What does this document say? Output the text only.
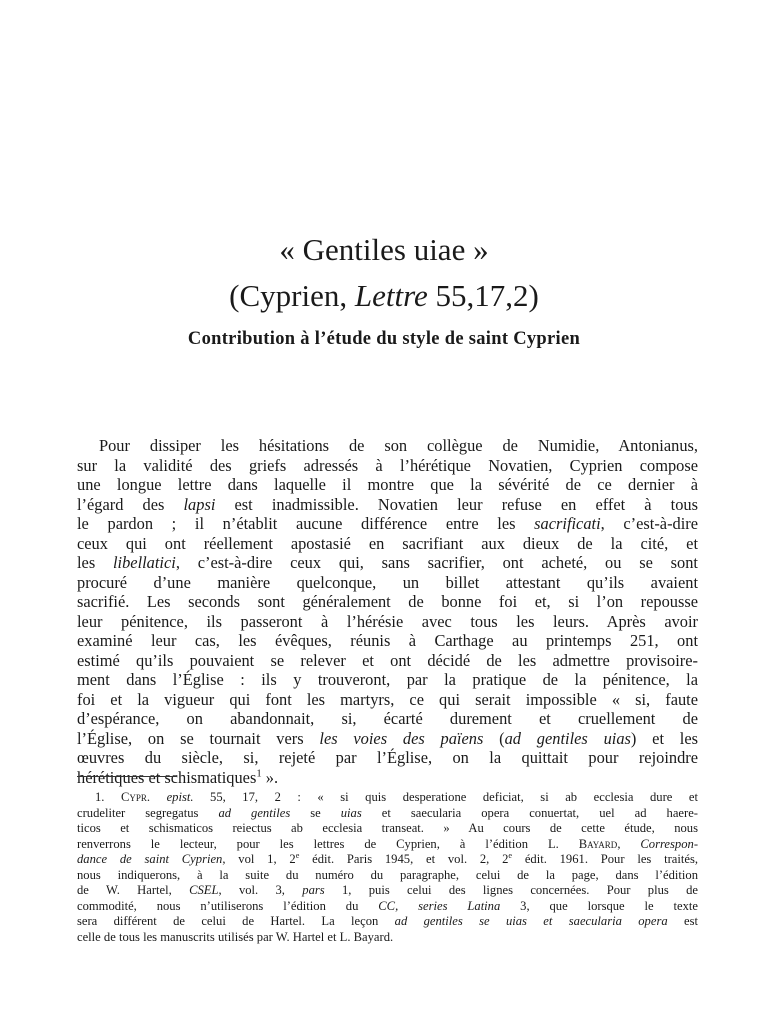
« Gentiles uiae »
(Cyprien, Lettre 55,17,2)
Contribution à l’étude du style de saint Cyprien
Pour dissiper les hésitations de son collègue de Numidie, Antonianus,
sur la validité des griefs adressés à l’hérétique Novatien, Cyprien compose
une longue lettre dans laquelle il montre que la sévérité de ce dernier à
l’égard des lapsi est inadmissible. Novatien leur refuse en effet à tous
le pardon ; il n’établit aucune différence entre les sacrificati, c’est-à-dire
ceux qui ont réellement apostasié en sacrifiant aux dieux de la cité, et
les libellatici, c’est-à-dire ceux qui, sans sacrifier, ont acheté, ou se sont
procuré d’une manière quelconque, un billet attestant qu’ils avaient
sacrifié. Les seconds sont généralement de bonne foi et, si l’on repousse
leur pénitence, ils passeront à l’hérésie avec tous les leurs. Après avoir
examiné leur cas, les évêques, réunis à Carthage au printemps 251, ont
estimé qu’ils pouvaient se relever et ont décidé de les admettre provisoire-
ment dans l’Église : ils y trouveront, par la pratique de la pénitence, la
foi et la vigueur qui font les martyrs, ce qui serait impossible « si, faute
d’espérance, on abandonnait, si, écarté durement et cruellement de
l’Église, on se tournait vers les voies des païens (ad gentiles uias) et les
œuvres du siècle, si, rejeté par l’Église, on la quittait pour rejoindre
hérétiques et schismatiques$^1$ ».
1. Cypr. epist. 55, 17, 2 : « si quis desperatione deficiat, si ab ecclesia dure et
crudeliter segregatus ad gentiles se uias et saecularia opera conuertat, uel ad haere-
ticos et schismaticos reiectus ab ecclesia transeat. » Au cours de cette étude, nous
renverrons le lecteur, pour les lettres de Cyprien, à l’édition L. Bayard, Correspon-
dance de saint Cyprien, vol 1, 2e édit. Paris 1945, et vol. 2, 2e édit. 1961. Pour les traités,
nous indiquerons, à la suite du numéro du paragraphe, celui de la page, dans l’édition
de W. Hartel, CSEL, vol. 3, pars 1, puis celui des lignes concernées. Pour plus de
commodité, nous n’utiliserons l’édition du CC, series Latina 3, que lorsque le texte
sera différent de celui de Hartel. La leçon ad gentiles se uias et saecularia opera est
celle de tous les manuscrits utilisés par W. Hartel et L. Bayard.
